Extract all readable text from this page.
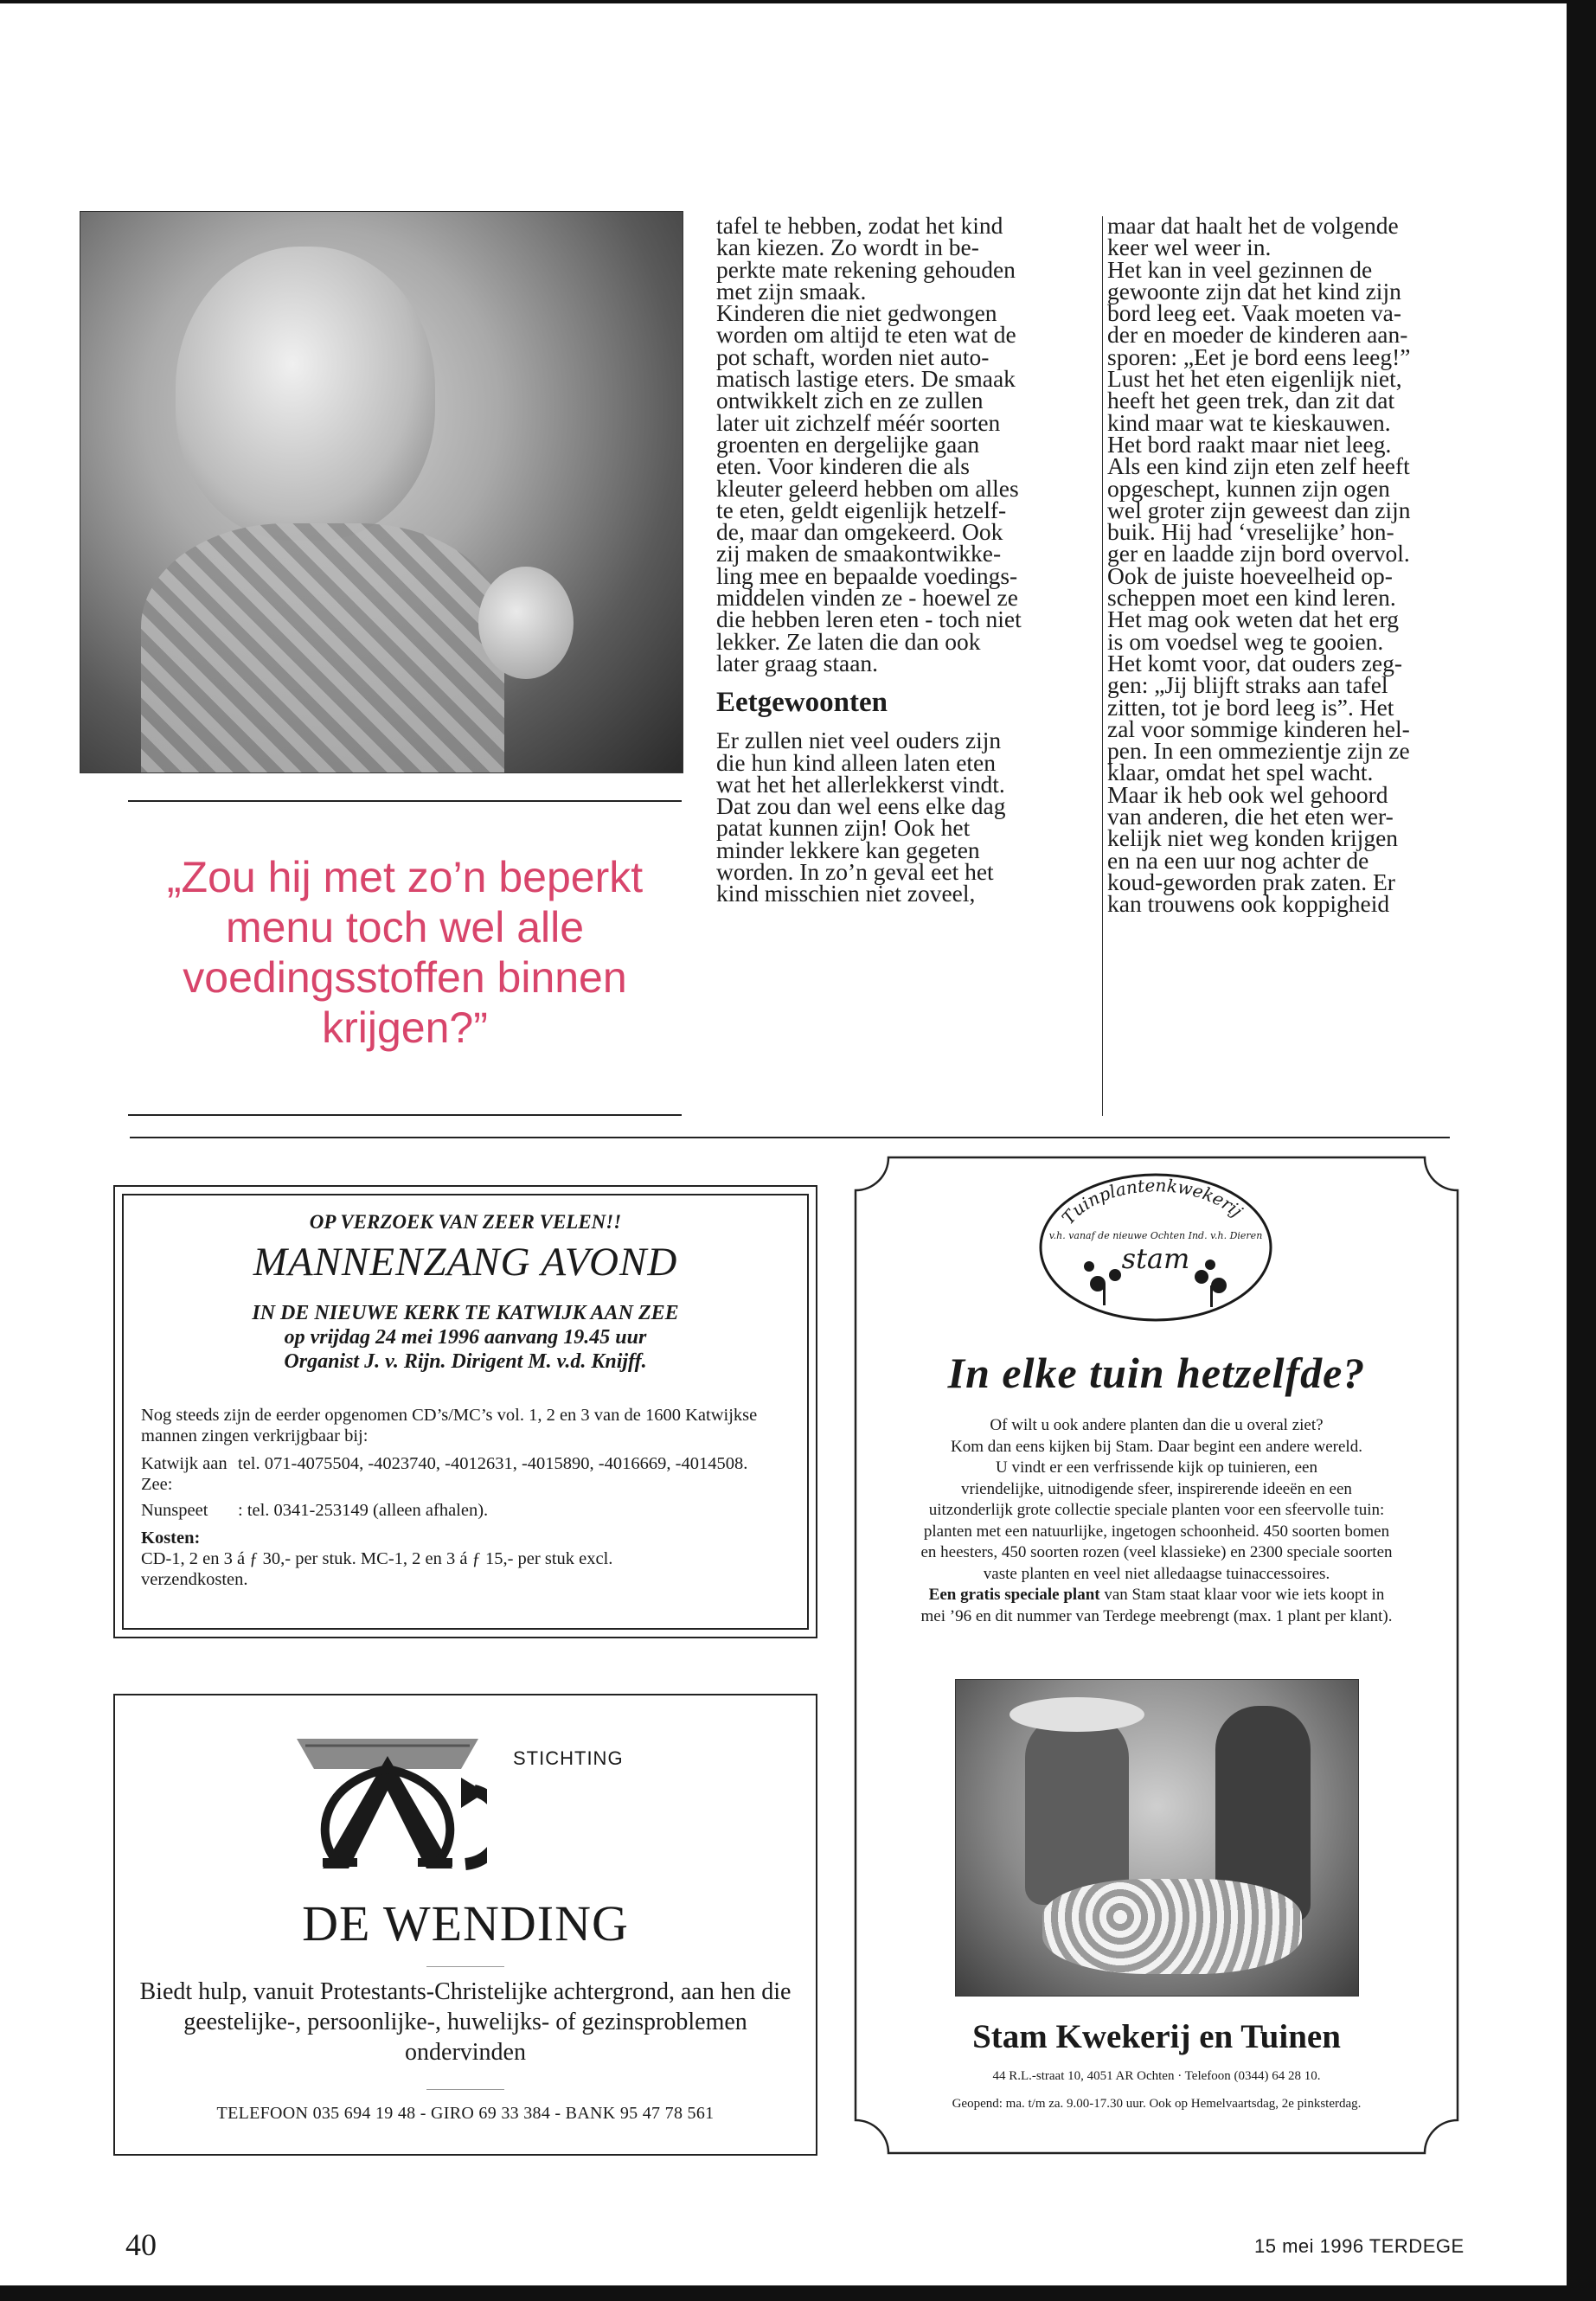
„Zou hij met zo’n beperkt menu toch wel alle voedingsstoffen binnen krijgen?”
tafel te hebben, zodat het kind
kan kiezen. Zo wordt in be-
perkte mate rekening gehouden
met zijn smaak.
Kinderen die niet gedwongen
worden om altijd te eten wat de
pot schaft, worden niet auto-
matisch lastige eters. De smaak
ontwikkelt zich en ze zullen
later uit zichzelf méér soorten
groenten en dergelijke gaan
eten. Voor kinderen die als
kleuter geleerd hebben om alles
te eten, geldt eigenlijk hetzelf-
de, maar dan omgekeerd. Ook
zij maken de smaakontwikke-
ling mee en bepaalde voedings-
middelen vinden ze - hoewel ze
die hebben leren eten - toch niet
lekker. Ze laten die dan ook
later graag staan.
Eetgewoonten
Er zullen niet veel ouders zijn
die hun kind alleen laten eten
wat het het allerlekkerst vindt.
Dat zou dan wel eens elke dag
patat kunnen zijn! Ook het
minder lekkere kan gegeten
worden. In zo’n geval eet het
kind misschien niet zoveel,
maar dat haalt het de volgende
keer wel weer in.
Het kan in veel gezinnen de
gewoonte zijn dat het kind zijn
bord leeg eet. Vaak moeten va-
der en moeder de kinderen aan-
sporen: „Eet je bord eens leeg!”
Lust het het eten eigenlijk niet,
heeft het geen trek, dan zit dat
kind maar wat te kieskauwen.
Het bord raakt maar niet leeg.
Als een kind zijn eten zelf heeft
opgeschept, kunnen zijn ogen
wel groter zijn geweest dan zijn
buik. Hij had ‘vreselijke’ hon-
ger en laadde zijn bord overvol.
Ook de juiste hoeveelheid op-
scheppen moet een kind leren.
Het mag ook weten dat het erg
is om voedsel weg te gooien.
Het komt voor, dat ouders zeg-
gen: „Jij blijft straks aan tafel
zitten, tot je bord leeg is”. Het
zal voor sommige kinderen hel-
pen. In een ommezientje zijn ze
klaar, omdat het spel wacht.
Maar ik heb ook wel gehoord
van anderen, die het eten wer-
kelijk niet weg konden krijgen
en na een uur nog achter de
koud-geworden prak zaten. Er
kan trouwens ook koppigheid
OP VERZOEK VAN ZEER VELEN!!
MANNENZANG AVOND
IN DE NIEUWE KERK TE KATWIJK AAN ZEE
op vrijdag 24 mei 1996 aanvang 19.45 uur
Organist J. v. Rijn. Dirigent M. v.d. Knijff.

Nog steeds zijn de eerder opgenomen CD’s/MC’s vol. 1, 2 en 3 van de 1600 Katwijkse mannen zingen verkrijgbaar bij:

Katwijk aan Zee:
tel. 071-4075504, -4023740, -4012631, -4015890, -4016669, -4014508.
Nunspeet	: tel. 0341-253149 (alleen afhalen).

Kosten:

CD-1, 2 en 3 á ƒ 30,- per stuk. MC-1, 2 en 3 á ƒ 15,- per stuk excl. verzendkosten.

STICHTING
DE WENDING
Biedt hulp, vanuit Protestants-Christelijke achtergrond, aan hen die geestelijke-, persoonlijke-, huwelijks- of gezinsproblemen ondervinden
TELEFOON 035 694 19 48 - GIRO 69 33 384 - BANK 95 47 78 561
Tuinplantenkwekerij
v.h. vanaf de nieuwe Ochten Ind. v.h. Dieren
stam
In elke tuin hetzelfde?
Of wilt u ook andere planten dan die u overal ziet?
Kom dan eens kijken bij Stam. Daar begint een andere wereld.
U vindt er een verfrissende kijk op tuinieren, een
vriendelijke, uitnodigende sfeer, inspirerende ideeën en een
uitzonderlijk grote collectie speciale planten voor een sfeervolle tuin:
planten met een natuurlijke, ingetogen schoonheid. 450 soorten bomen
en heesters, 450 soorten rozen (veel klassieke) en 2300 speciale soorten
vaste planten en veel niet alledaagse tuinaccessoires.

Een gratis speciale plant van Stam staat klaar voor wie iets koopt in

mei ’96 en dit nummer van Terdege meebrengt (max. 1 plant per klant).

Stam Kwekerij en Tuinen
44 R.L.-straat 10, 4051 AR Ochten · Telefoon (0344) 64 28 10.
Geopend: ma. t/m za. 9.00-17.30 uur. Ook op Hemelvaartsdag, 2e pinksterdag.
40	15 mei 1996 TERDEGE
